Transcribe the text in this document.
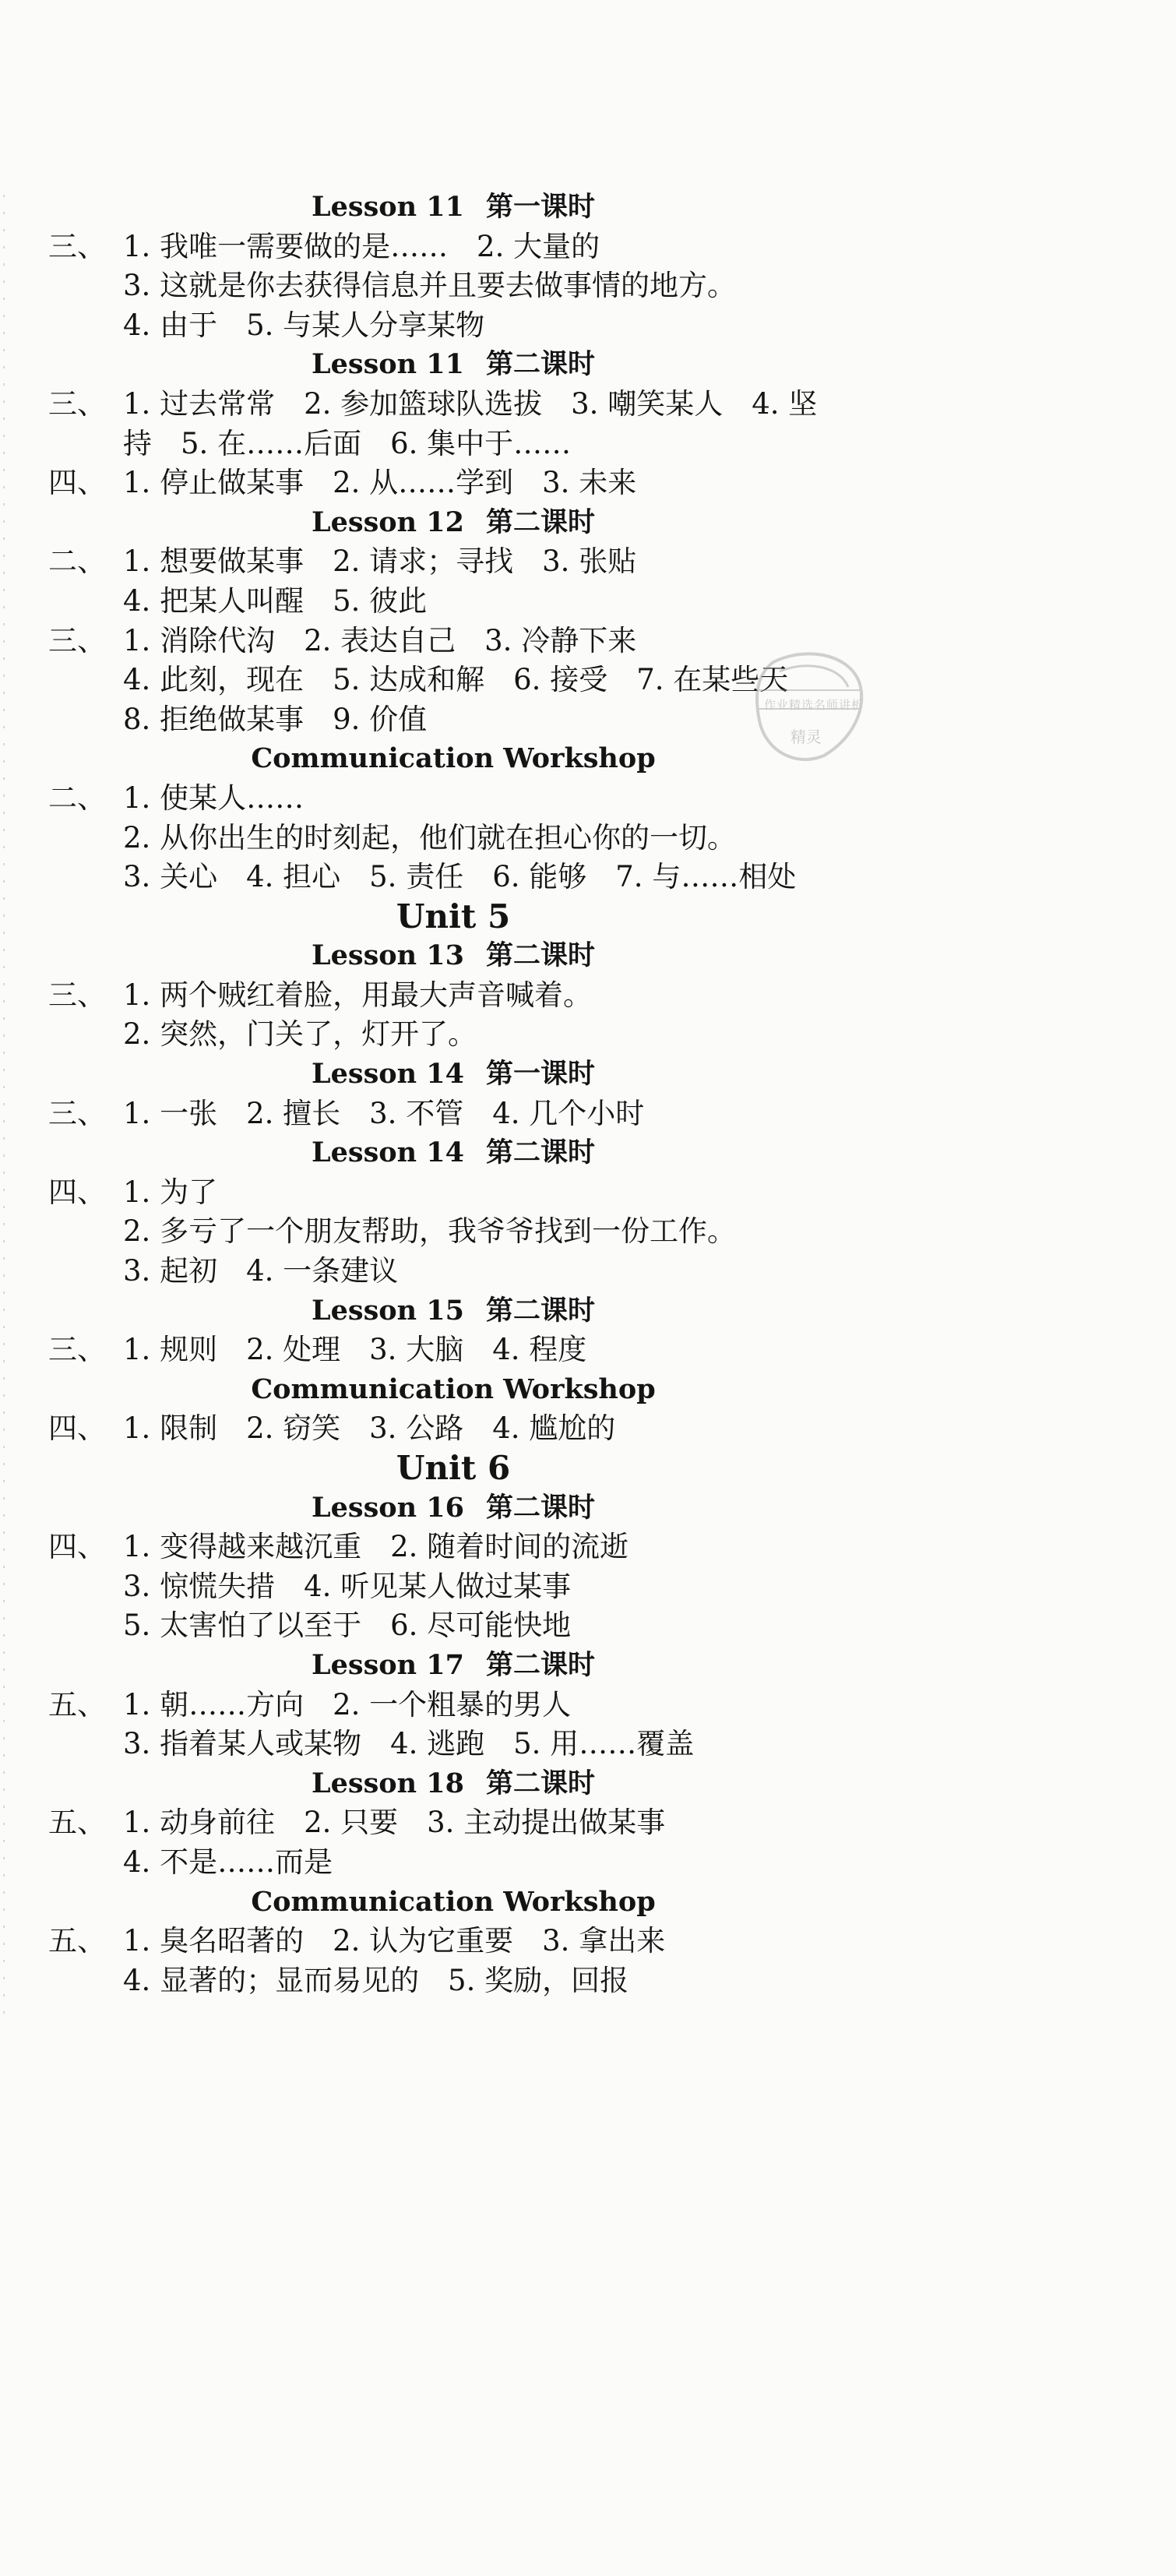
Lesson 11 第一课时
三、 1. 我唯一需要做的是……　2. 大量的
3. 这就是你去获得信息并且要去做事情的地方。
4. 由于　5. 与某人分享某物
Lesson 11 第二课时
三、 1. 过去常常　2. 参加篮球队选拔　3. 嘲笑某人　4. 坚
持　5. 在……后面　6. 集中于……
四、 1. 停止做某事　2. 从……学到　3. 未来
Lesson 12 第二课时
二、 1. 想要做某事　2. 请求；寻找　3. 张贴
4. 把某人叫醒　5. 彼此
三、 1. 消除代沟　2. 表达自己　3. 冷静下来
4. 此刻，现在　5. 达成和解　6. 接受　7. 在某些天
8. 拒绝做某事　9. 价值
Communication Workshop
二、 1. 使某人……
2. 从你出生的时刻起，他们就在担心你的一切。
3. 关心　4. 担心　5. 责任　6. 能够　7. 与……相处
Unit 5
Lesson 13 第二课时
三、 1. 两个贼红着脸，用最大声音喊着。
2. 突然，门关了，灯开了。
Lesson 14 第一课时
三、 1. 一张　2. 擅长　3. 不管　4. 几个小时
Lesson 14 第二课时
四、 1. 为了
2. 多亏了一个朋友帮助，我爷爷找到一份工作。
3. 起初　4. 一条建议
Lesson 15 第二课时
三、 1. 规则　2. 处理　3. 大脑　4. 程度
Communication Workshop
四、 1. 限制　2. 窃笑　3. 公路　4. 尴尬的
Unit 6
Lesson 16 第二课时
四、 1. 变得越来越沉重　2. 随着时间的流逝
3. 惊慌失措　4. 听见某人做过某事
5. 太害怕了以至于　6. 尽可能快地
Lesson 17 第二课时
五、 1. 朝……方向　2. 一个粗暴的男人
3. 指着某人或某物　4. 逃跑　5. 用……覆盖
Lesson 18 第二课时
五、 1. 动身前往　2. 只要　3. 主动提出做某事
4. 不是……而是
Communication Workshop
五、 1. 臭名昭著的　2. 认为它重要　3. 拿出来
4. 显著的；显而易见的　5. 奖励，回报
作业精选名师讲析
精灵
